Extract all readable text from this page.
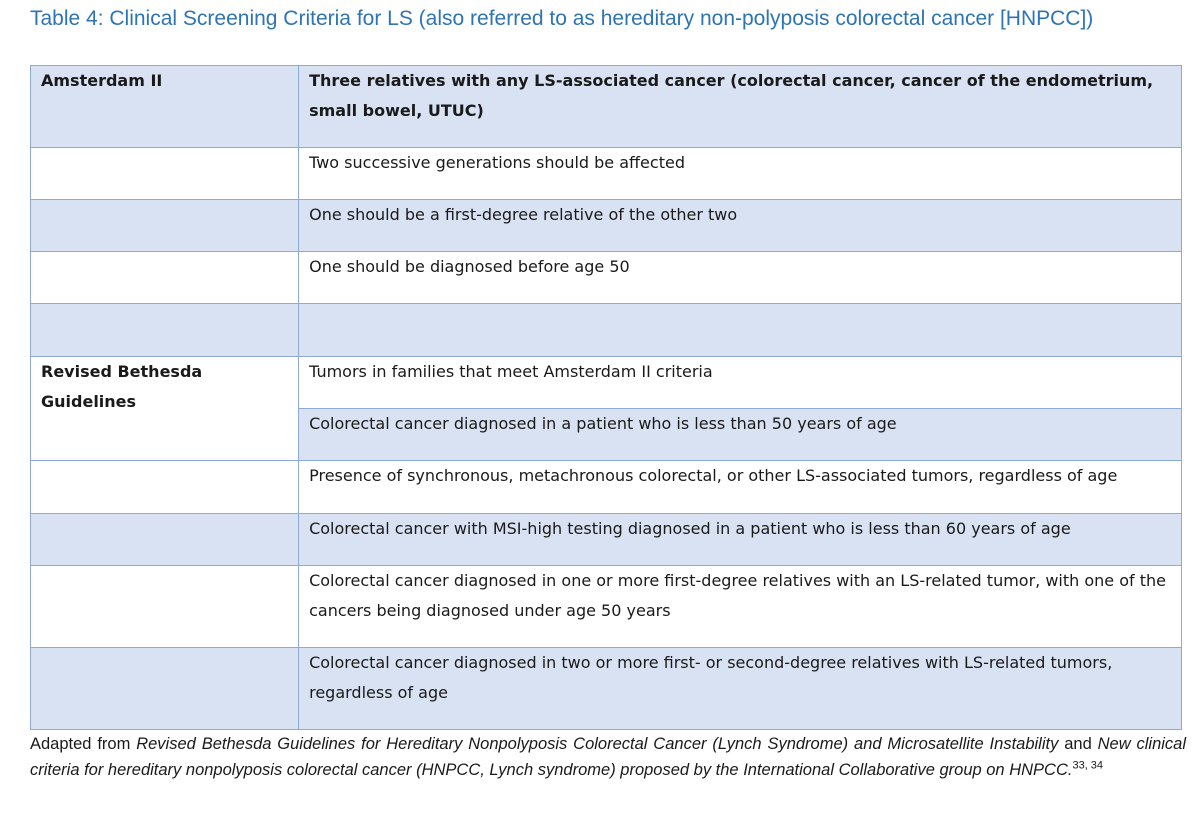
Table 4: Clinical Screening Criteria for LS (also referred to as hereditary non-polyposis colorectal cancer [HNPCC])
Amsterdam II	Three relatives with any LS-associated cancer (colorectal cancer, cancer of the endometrium, small bowel, UTUC)
	Two successive generations should be affected
	One should be a first-degree relative of the other two
	One should be diagnosed before age 50

Revised Bethesda Guidelines	Tumors in families that meet Amsterdam II criteria
	Colorectal cancer diagnosed in a patient who is less than 50 years of age
	Presence of synchronous, metachronous colorectal, or other LS-associated tumors, regardless of age
	Colorectal cancer with MSI-high testing diagnosed in a patient who is less than 60 years of age
	Colorectal cancer diagnosed in one or more first-degree relatives with an LS-related tumor, with one of the cancers being diagnosed under age 50 years
	Colorectal cancer diagnosed in two or more first- or second-degree relatives with LS-related tumors, regardless of age
Adapted from Revised Bethesda Guidelines for Hereditary Nonpolyposis Colorectal Cancer (Lynch Syndrome) and Microsatellite Instability and New clinical criteria for hereditary nonpolyposis colorectal cancer (HNPCC, Lynch syndrome) proposed by the International Collaborative group on HNPCC.$^{33, 34}$
